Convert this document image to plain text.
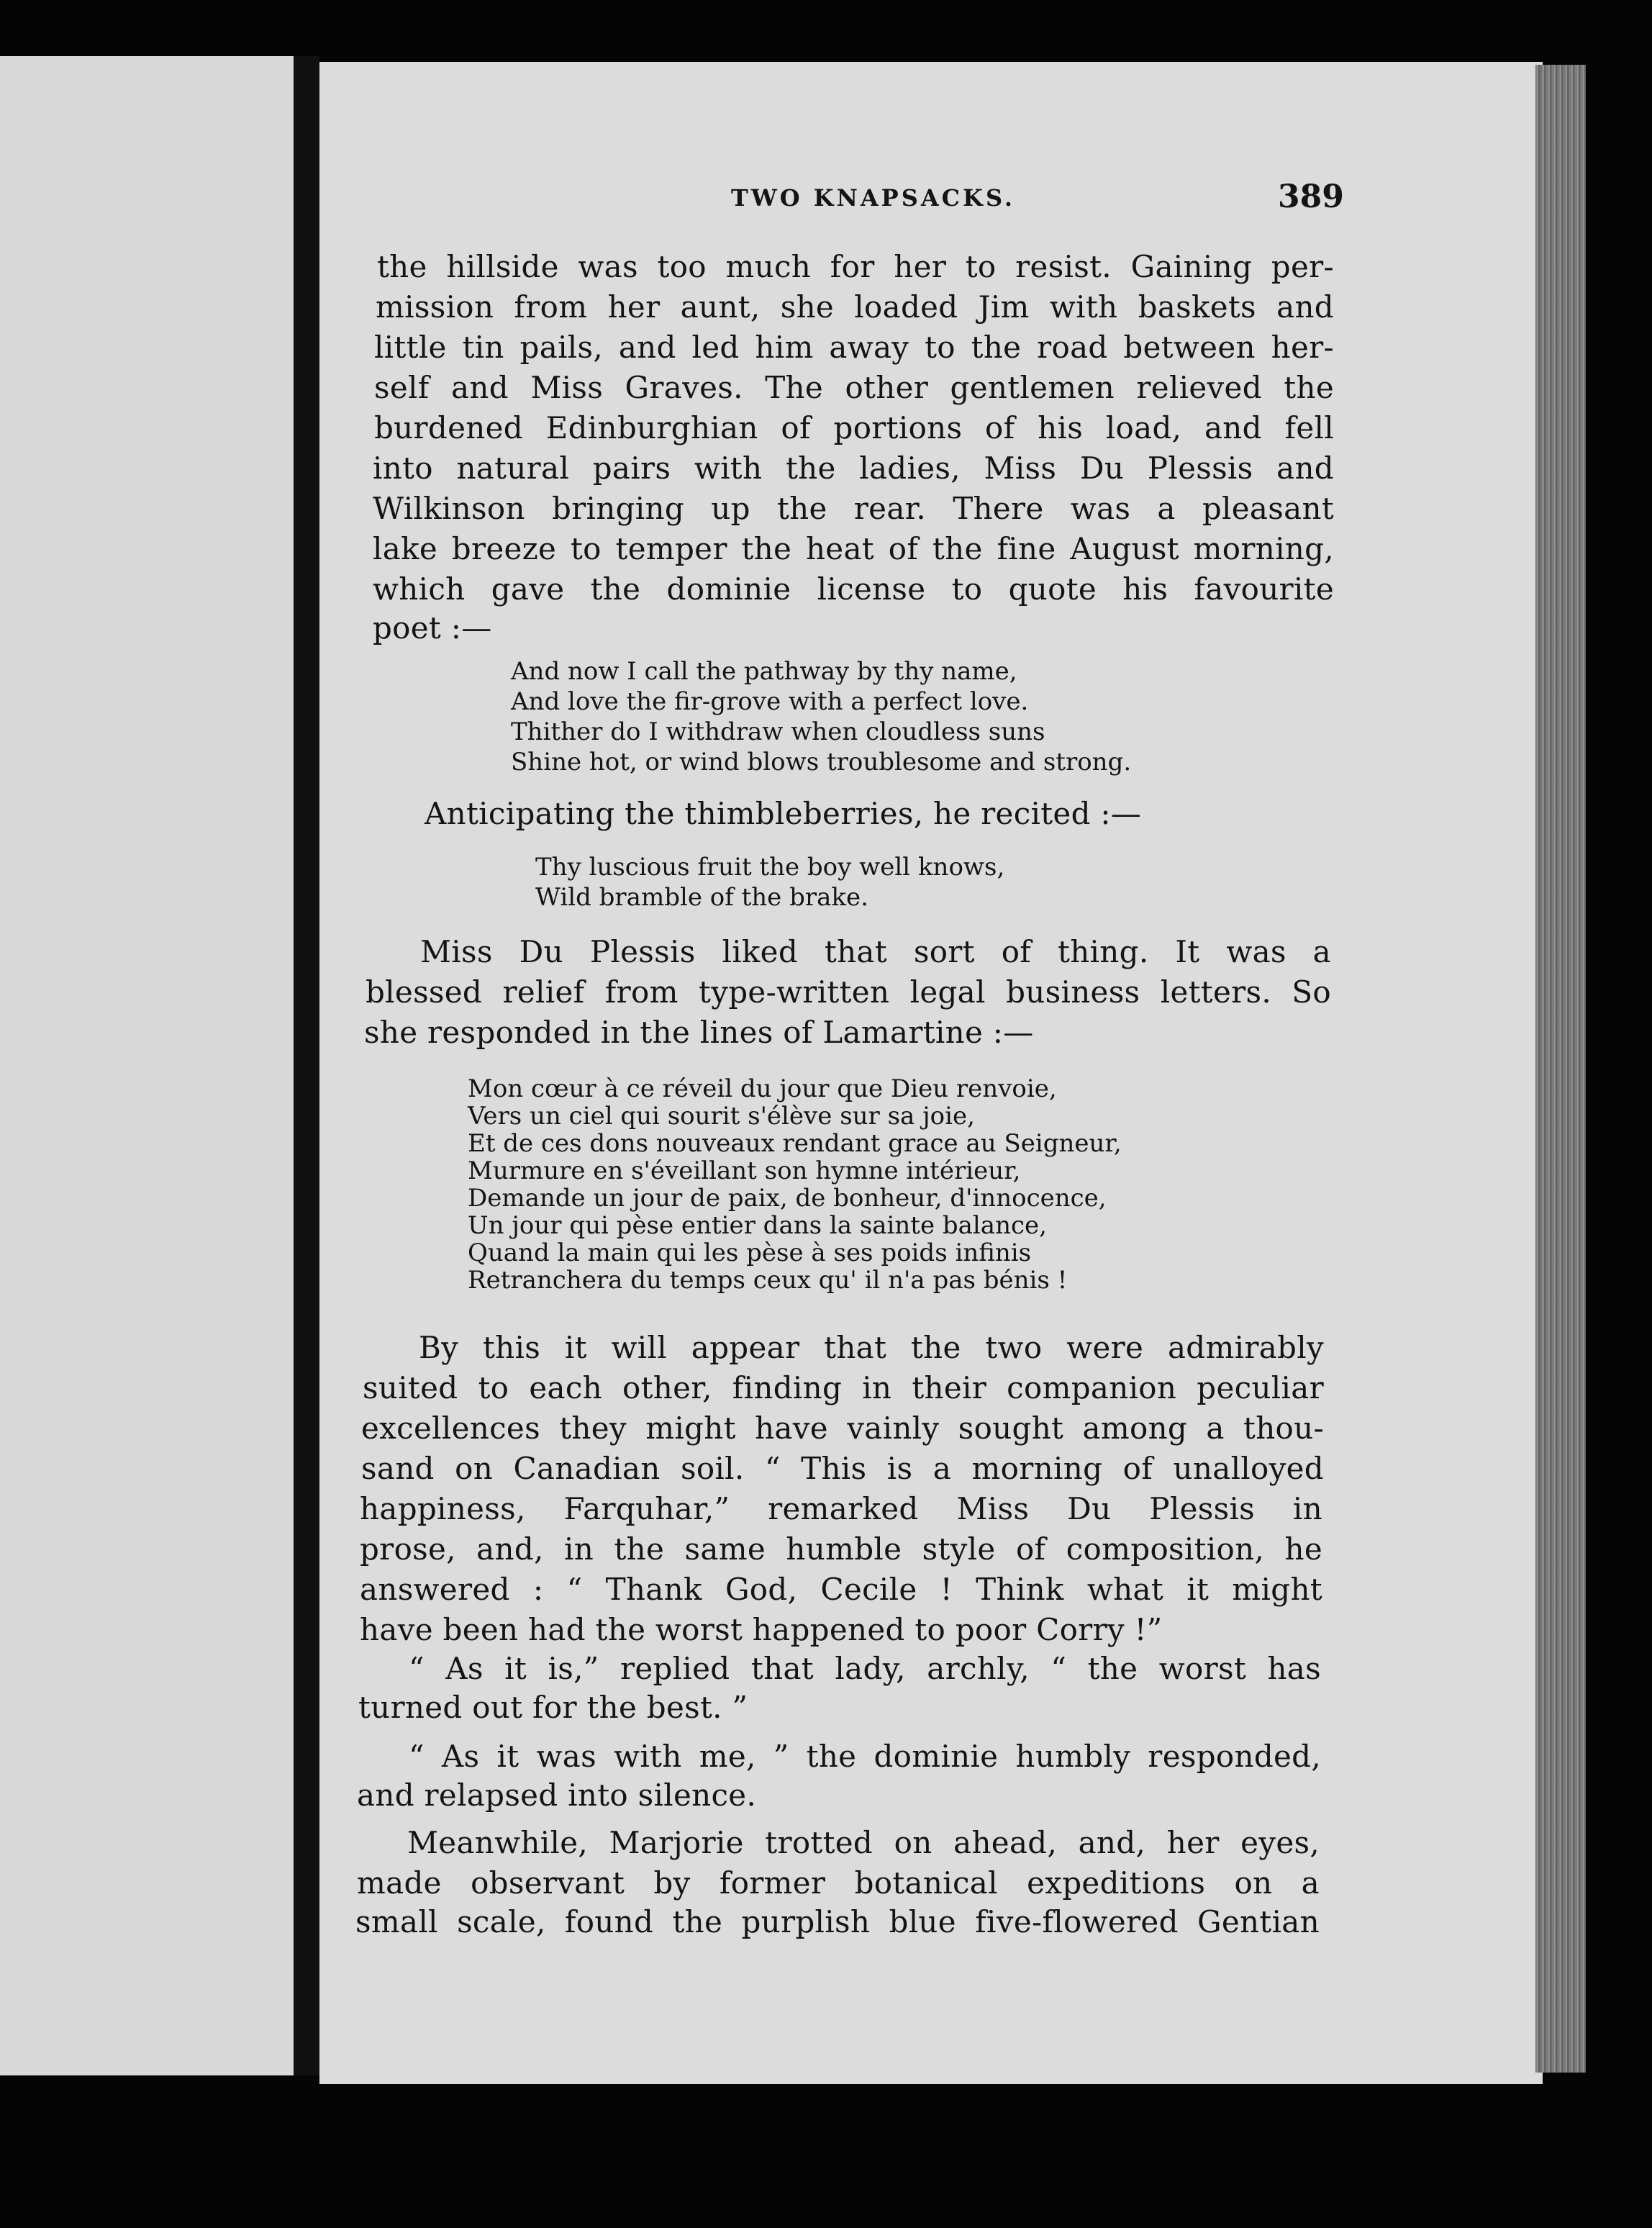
TWO KNAPSACKS.	389
the hillside was too much for her to resist. Gaining per-
mission from her aunt, she loaded Jim with baskets and
little tin pails, and led him away to the road between her-
self and Miss Graves. The other gentlemen relieved the
burdened Edinburghian of portions of his load, and fell
into natural pairs with the ladies, Miss Du Plessis and
Wilkinson bringing up the rear. There was a pleasant
lake breeze to temper the heat of the fine August morning,
which gave the dominie license to quote his favourite
poet :—
And now I call the pathway by thy name,
And love the fir-grove with a perfect love.
Thither do I withdraw when cloudless suns
Shine hot, or wind blows troublesome and strong.
Anticipating the thimbleberries, he recited :—
Thy luscious fruit the boy well knows,
Wild bramble of the brake.
Miss Du Plessis liked that sort of thing. It was a
blessed relief from type-written legal business letters. So
she responded in the lines of Lamartine :—
Mon cœur à ce réveil du jour que Dieu renvoie,
Vers un ciel qui sourit s'élève sur sa joie,
Et de ces dons nouveaux rendant grace au Seigneur,
Murmure en s'éveillant son hymne intérieur,
Demande un jour de paix, de bonheur, d'innocence,
Un jour qui pèse entier dans la sainte balance,
Quand la main qui les pèse à ses poids infinis
Retranchera du temps ceux qu' il n'a pas bénis !
By this it will appear that the two were admirably
suited to each other, finding in their companion peculiar
excellences they might have vainly sought among a thou-
sand on Canadian soil. “ This is a morning of unalloyed
happiness, Farquhar,” remarked Miss Du Plessis in
prose, and, in the same humble style of composition, he
answered : “ Thank God, Cecile ! Think what it might
have been had the worst happened to poor Corry !”
“ As it is,” replied that lady, archly, “ the worst has
turned out for the best. ”
“ As it was with me, ” the dominie humbly responded,
and relapsed into silence.
Meanwhile, Marjorie trotted on ahead, and, her eyes,
made observant by former botanical expeditions on a
small scale, found the purplish blue five-flowered Gentian
